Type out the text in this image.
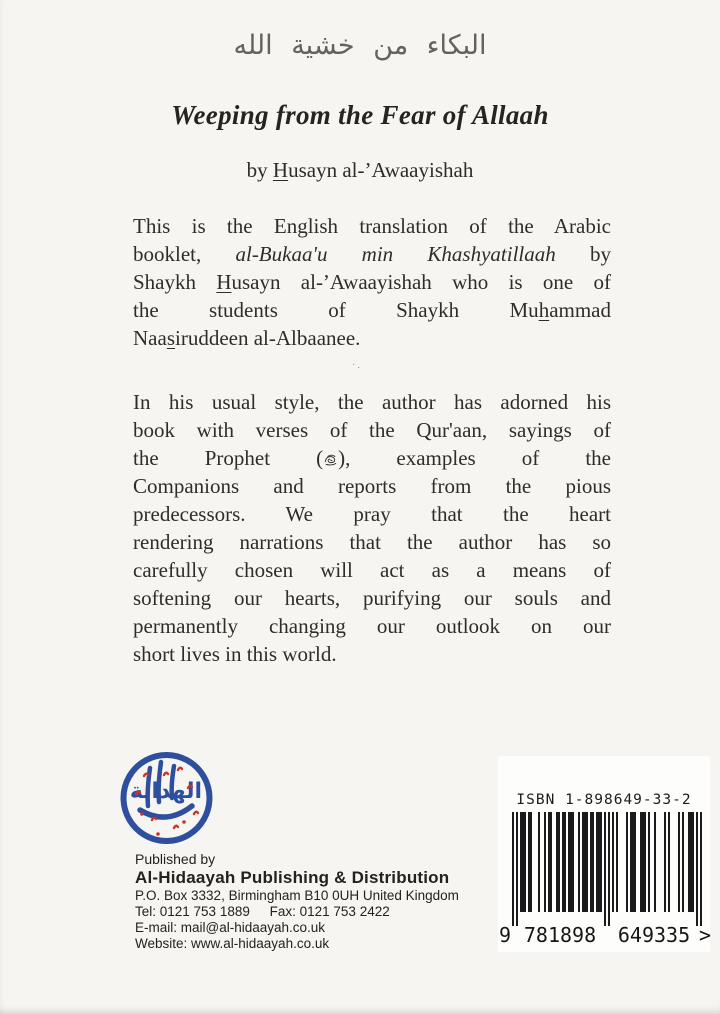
البكاء من خشية الله
Weeping from the Fear of Allaah
by Husayn al-’Awaayishah
This is the English translation of the Arabic
booklet, al-Bukaa'u min Khashyatillaah by
Shaykh Husayn al-’Awaayishah who is one of
the students of Shaykh Muhammad
Naasiruddeen al-Albaanee.
·.
In his usual style, the author has adorned his
book with verses of the Qur'aan, sayings of
the Prophet ( ), examples of the
Companions and reports from the pious
predecessors. We pray that the heart
rendering narrations that the author has so
carefully chosen will act as a means of
softening our hearts, purifying our souls and
permanently changing our outlook on our
short lives in this world.
الهداية
Published by
Al-Hidaayah Publishing & Distribution
P.O. Box 3332, Birmingham B10 0UH United Kingdom
Tel: 0121 753 1889 Fax: 0121 753 2422
E-mail: mail@al-hidaayah.co.uk
Website: www.al-hidaayah.co.uk
ISBN 1-898649-33-2
9 781898 649335 >
